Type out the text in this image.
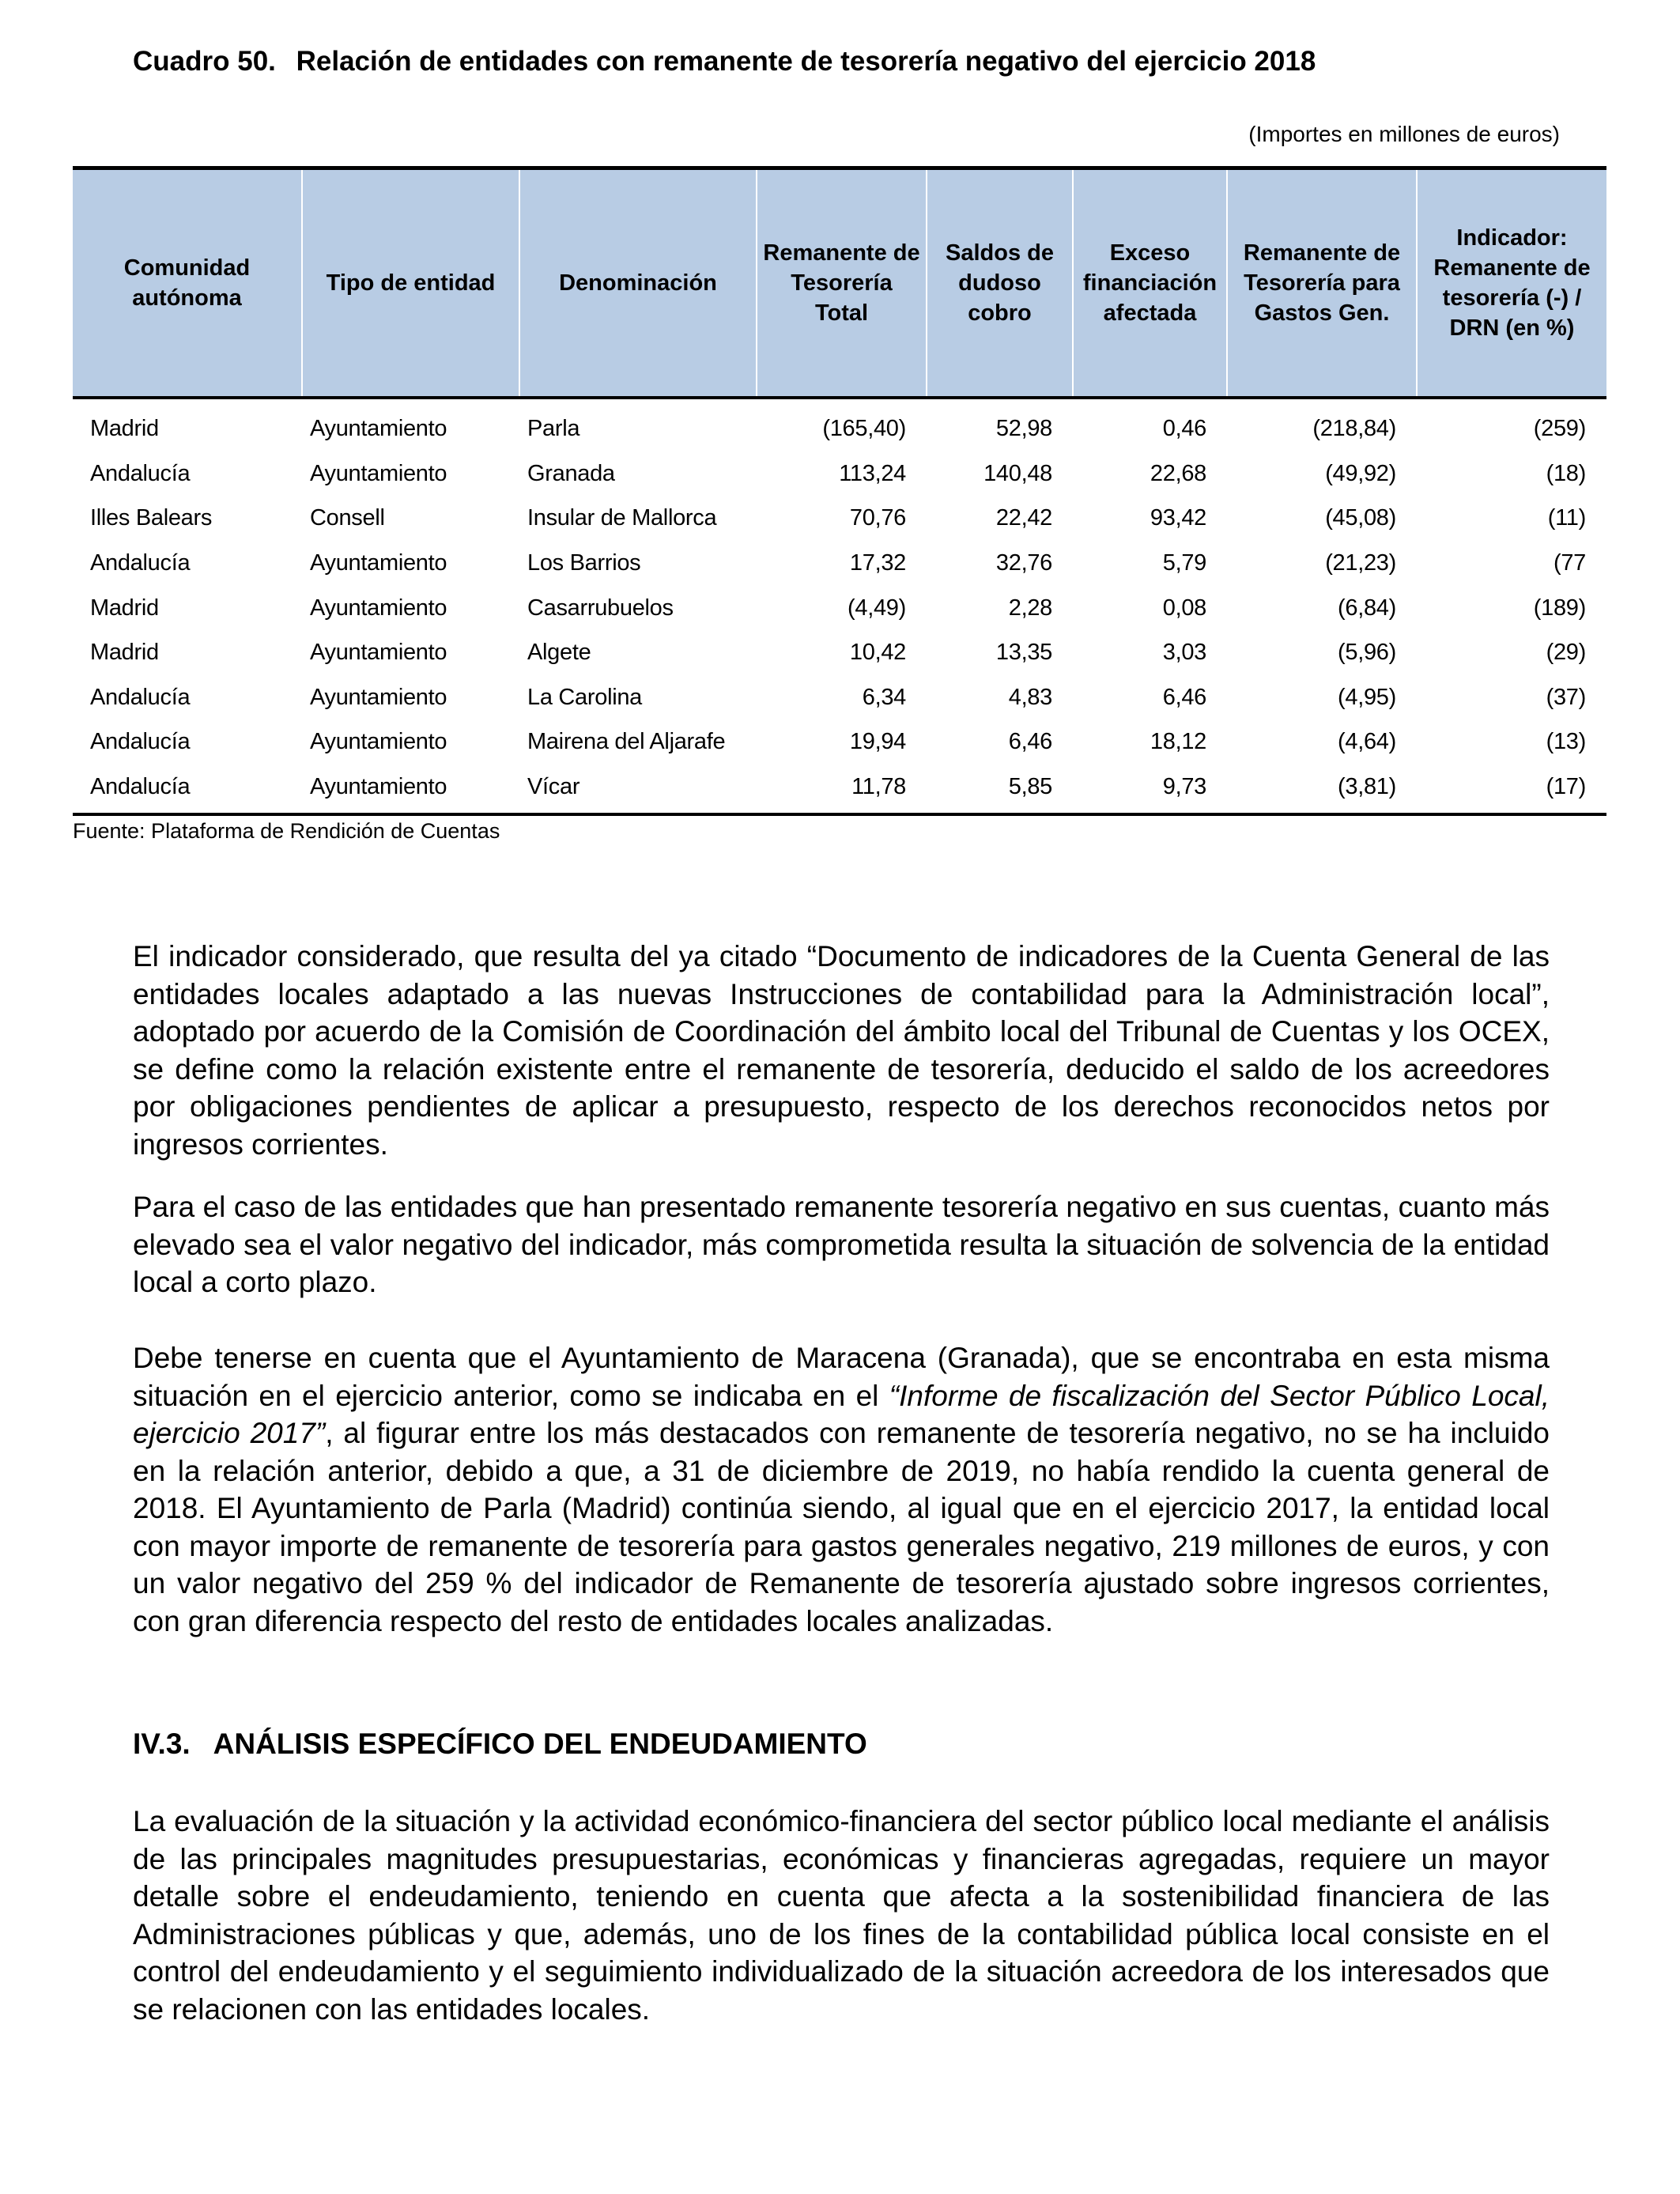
Cuadro 50. Relación de entidades con remanente de tesorería negativo del ejercicio 2018
(Importes en millones de euros)
Comunidad autónoma	Tipo de entidad	Denominación	Remanente de Tesorería Total	Saldos de dudoso cobro	Exceso financiación afectada	Remanente de Tesorería para Gastos Gen.	Indicador: Remanente de tesorería (-) / DRN (en %)
Madrid	Ayuntamiento	Parla	(165,40)	52,98	0,46	(218,84)	(259)
Andalucía	Ayuntamiento	Granada	113,24	140,48	22,68	(49,92)	(18)
Illes Balears	Consell	Insular de Mallorca	70,76	22,42	93,42	(45,08)	(11)
Andalucía	Ayuntamiento	Los Barrios	17,32	32,76	5,79	(21,23)	(77
Madrid	Ayuntamiento	Casarrubuelos	(4,49)	2,28	0,08	(6,84)	(189)
Madrid	Ayuntamiento	Algete	10,42	13,35	3,03	(5,96)	(29)
Andalucía	Ayuntamiento	La Carolina	6,34	4,83	6,46	(4,95)	(37)
Andalucía	Ayuntamiento	Mairena del Aljarafe	19,94	6,46	18,12	(4,64)	(13)
Andalucía	Ayuntamiento	Vícar	11,78	5,85	9,73	(3,81)	(17)
Fuente: Plataforma de Rendición de Cuentas
El indicador considerado, que resulta del ya citado “Documento de indicadores de la Cuenta General de las entidades locales adaptado a las nuevas Instrucciones de contabilidad para la Administración local”, adoptado por acuerdo de la Comisión de Coordinación del ámbito local del Tribunal de Cuentas y los OCEX, se define como la relación existente entre el remanente de tesorería, deducido el saldo de los acreedores por obligaciones pendientes de aplicar a presupuesto, respecto de los derechos reconocidos netos por ingresos corrientes.
Para el caso de las entidades que han presentado remanente tesorería negativo en sus cuentas, cuanto más elevado sea el valor negativo del indicador, más comprometida resulta la situación de solvencia de la entidad local a corto plazo.
Debe tenerse en cuenta que el Ayuntamiento de Maracena (Granada), que se encontraba en esta misma situación en el ejercicio anterior, como se indicaba en el “Informe de fiscalización del Sector Público Local, ejercicio 2017”, al figurar entre los más destacados con remanente de tesorería negativo, no se ha incluido en la relación anterior, debido a que, a 31 de diciembre de 2019, no había rendido la cuenta general de 2018. El Ayuntamiento de Parla (Madrid) continúa siendo, al igual que en el ejercicio 2017, la entidad local con mayor importe de remanente de tesorería para gastos generales negativo, 219 millones de euros, y con un valor negativo del 259 % del indicador de Remanente de tesorería ajustado sobre ingresos corrientes, con gran diferencia respecto del resto de entidades locales analizadas.
IV.3. ANÁLISIS ESPECÍFICO DEL ENDEUDAMIENTO
La evaluación de la situación y la actividad económico-financiera del sector público local mediante el análisis de las principales magnitudes presupuestarias, económicas y financieras agregadas, requiere un mayor detalle sobre el endeudamiento, teniendo en cuenta que afecta a la sostenibilidad financiera de las Administraciones públicas y que, además, uno de los fines de la contabilidad pública local consiste en el control del endeudamiento y el seguimiento individualizado de la situación acreedora de los interesados que se relacionen con las entidades locales.
